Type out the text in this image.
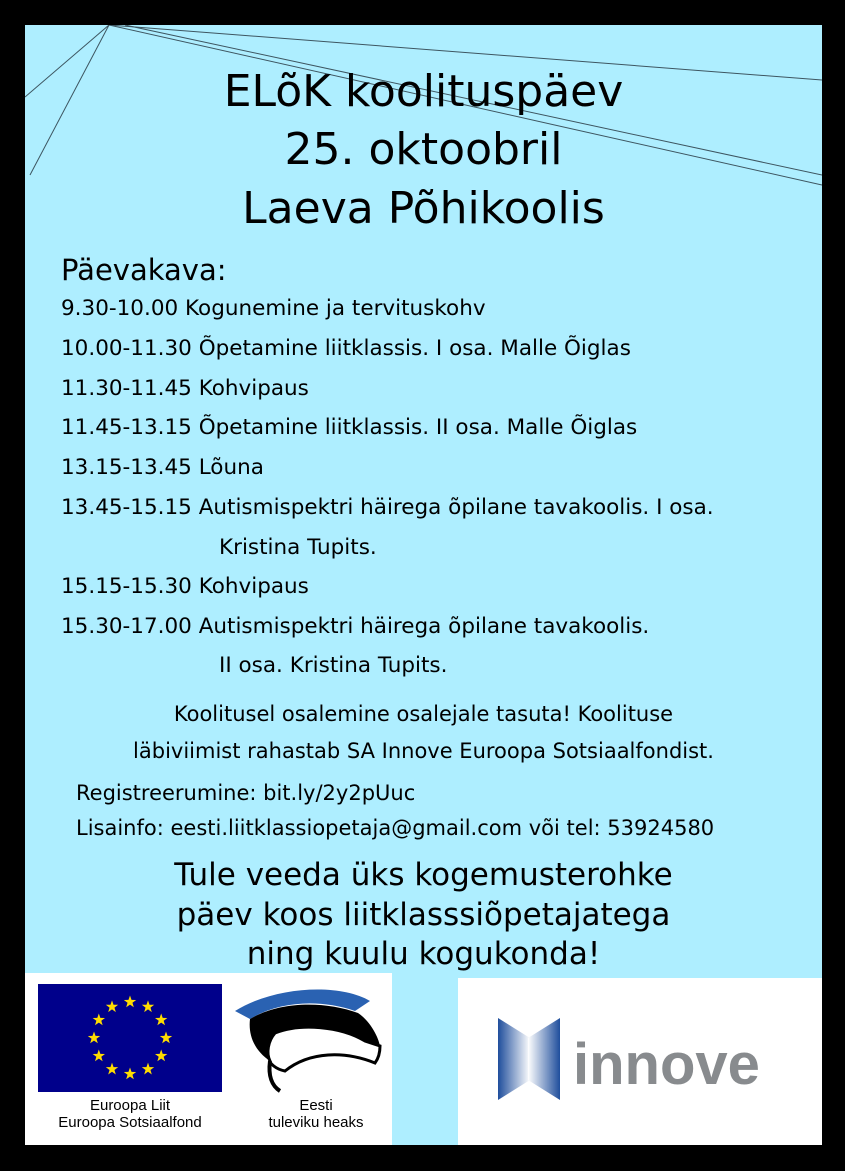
ELõK koolituspäev
25. oktoobril
Laeva Põhikoolis
Päevakava:
9.30-10.00 Kogunemine ja tervituskohv
10.00-11.30 Õpetamine liitklassis. I osa. Malle Õiglas
11.30-11.45 Kohvipaus
11.45-13.15 Õpetamine liitklassis. II osa. Malle Õiglas
13.15-13.45 Lõuna
13.45-15.15 Autismispektri häirega õpilane tavakoolis. I osa.
Kristina Tupits.
15.15-15.30 Kohvipaus
15.30-17.00 Autismispektri häirega õpilane tavakoolis.
II osa. Kristina Tupits.
Koolitusel osalemine osalejale tasuta! Koolituse
läbiviimist rahastab SA Innove Euroopa Sotsiaalfondist.
Registreerumine: bit.ly/2y2pUuc
Lisainfo: eesti.liitklassiopetaja@gmail.com või tel: 53924580
Tule veeda üks kogemusterohke
päev koos liitklasssiõpetajatega
ning kuulu kogukonda!
Euroopa Liit
Euroopa Sotsiaalfond
Eesti
tuleviku heaks
innove
